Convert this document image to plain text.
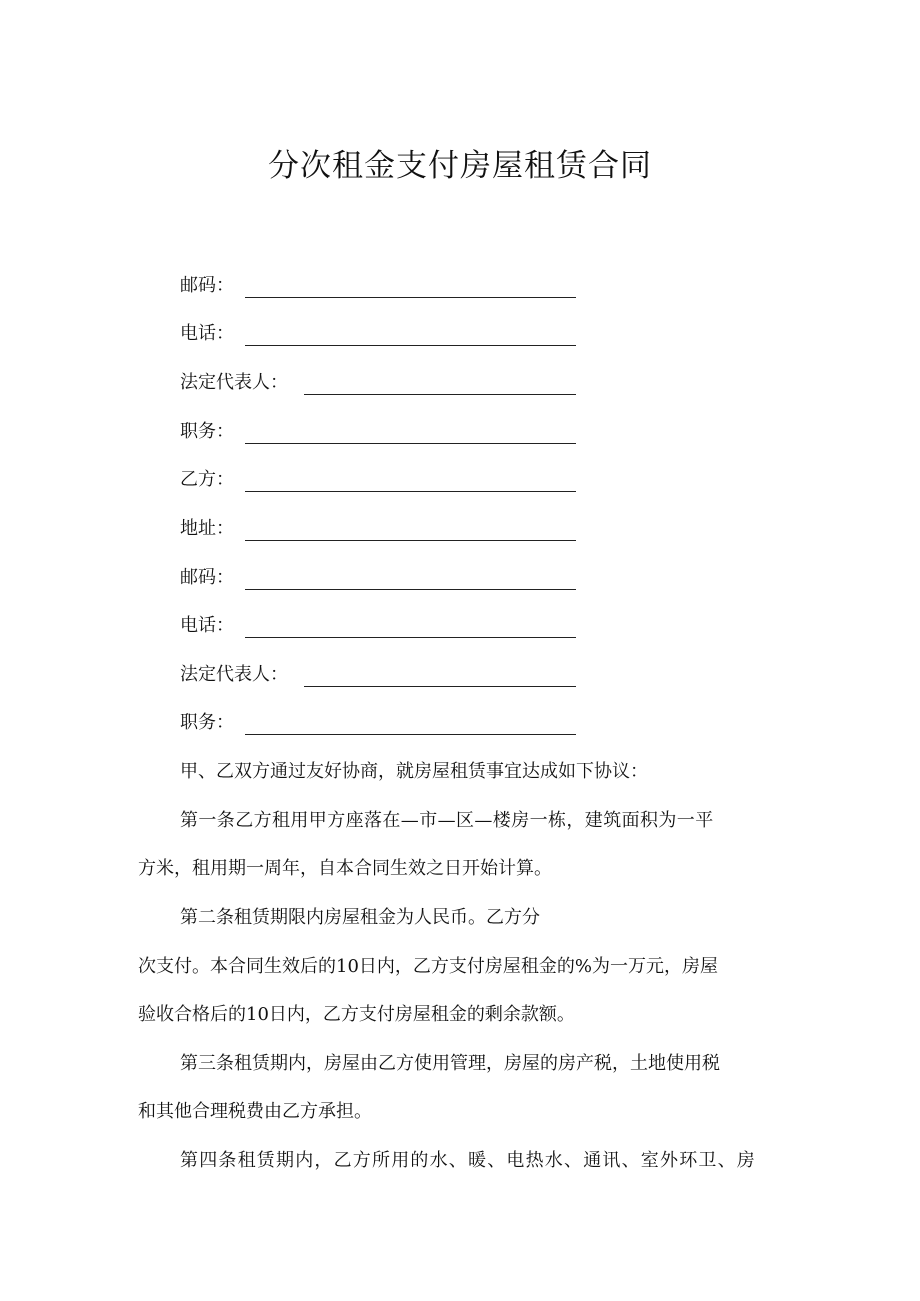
分次租金支付房屋租赁合同
邮码：
电话：
法定代表人：
职务：
乙方：
地址：
邮码：
电话：
法定代表人：
职务：

甲、乙双方通过友好协商，就房屋租赁事宜达成如下协议：

第一条乙方租用甲方座落在—市—区—楼房一栋，建筑面积为一平

方米，租用期一周年，自本合同生效之日开始计算。

第二条租赁期限内房屋租金为人民币。乙方分

次支付。本合同生效后的10日内，乙方支付房屋租金的%为一万元，房屋

验收合格后的10日内，乙方支付房屋租金的剩余款额。

第三条租赁期内，房屋由乙方使用管理，房屋的房产税，土地使用税

和其他合理税费由乙方承担。

第四条租赁期内，乙方所用的水、暖、电热水、通讯、室外环卫、房
